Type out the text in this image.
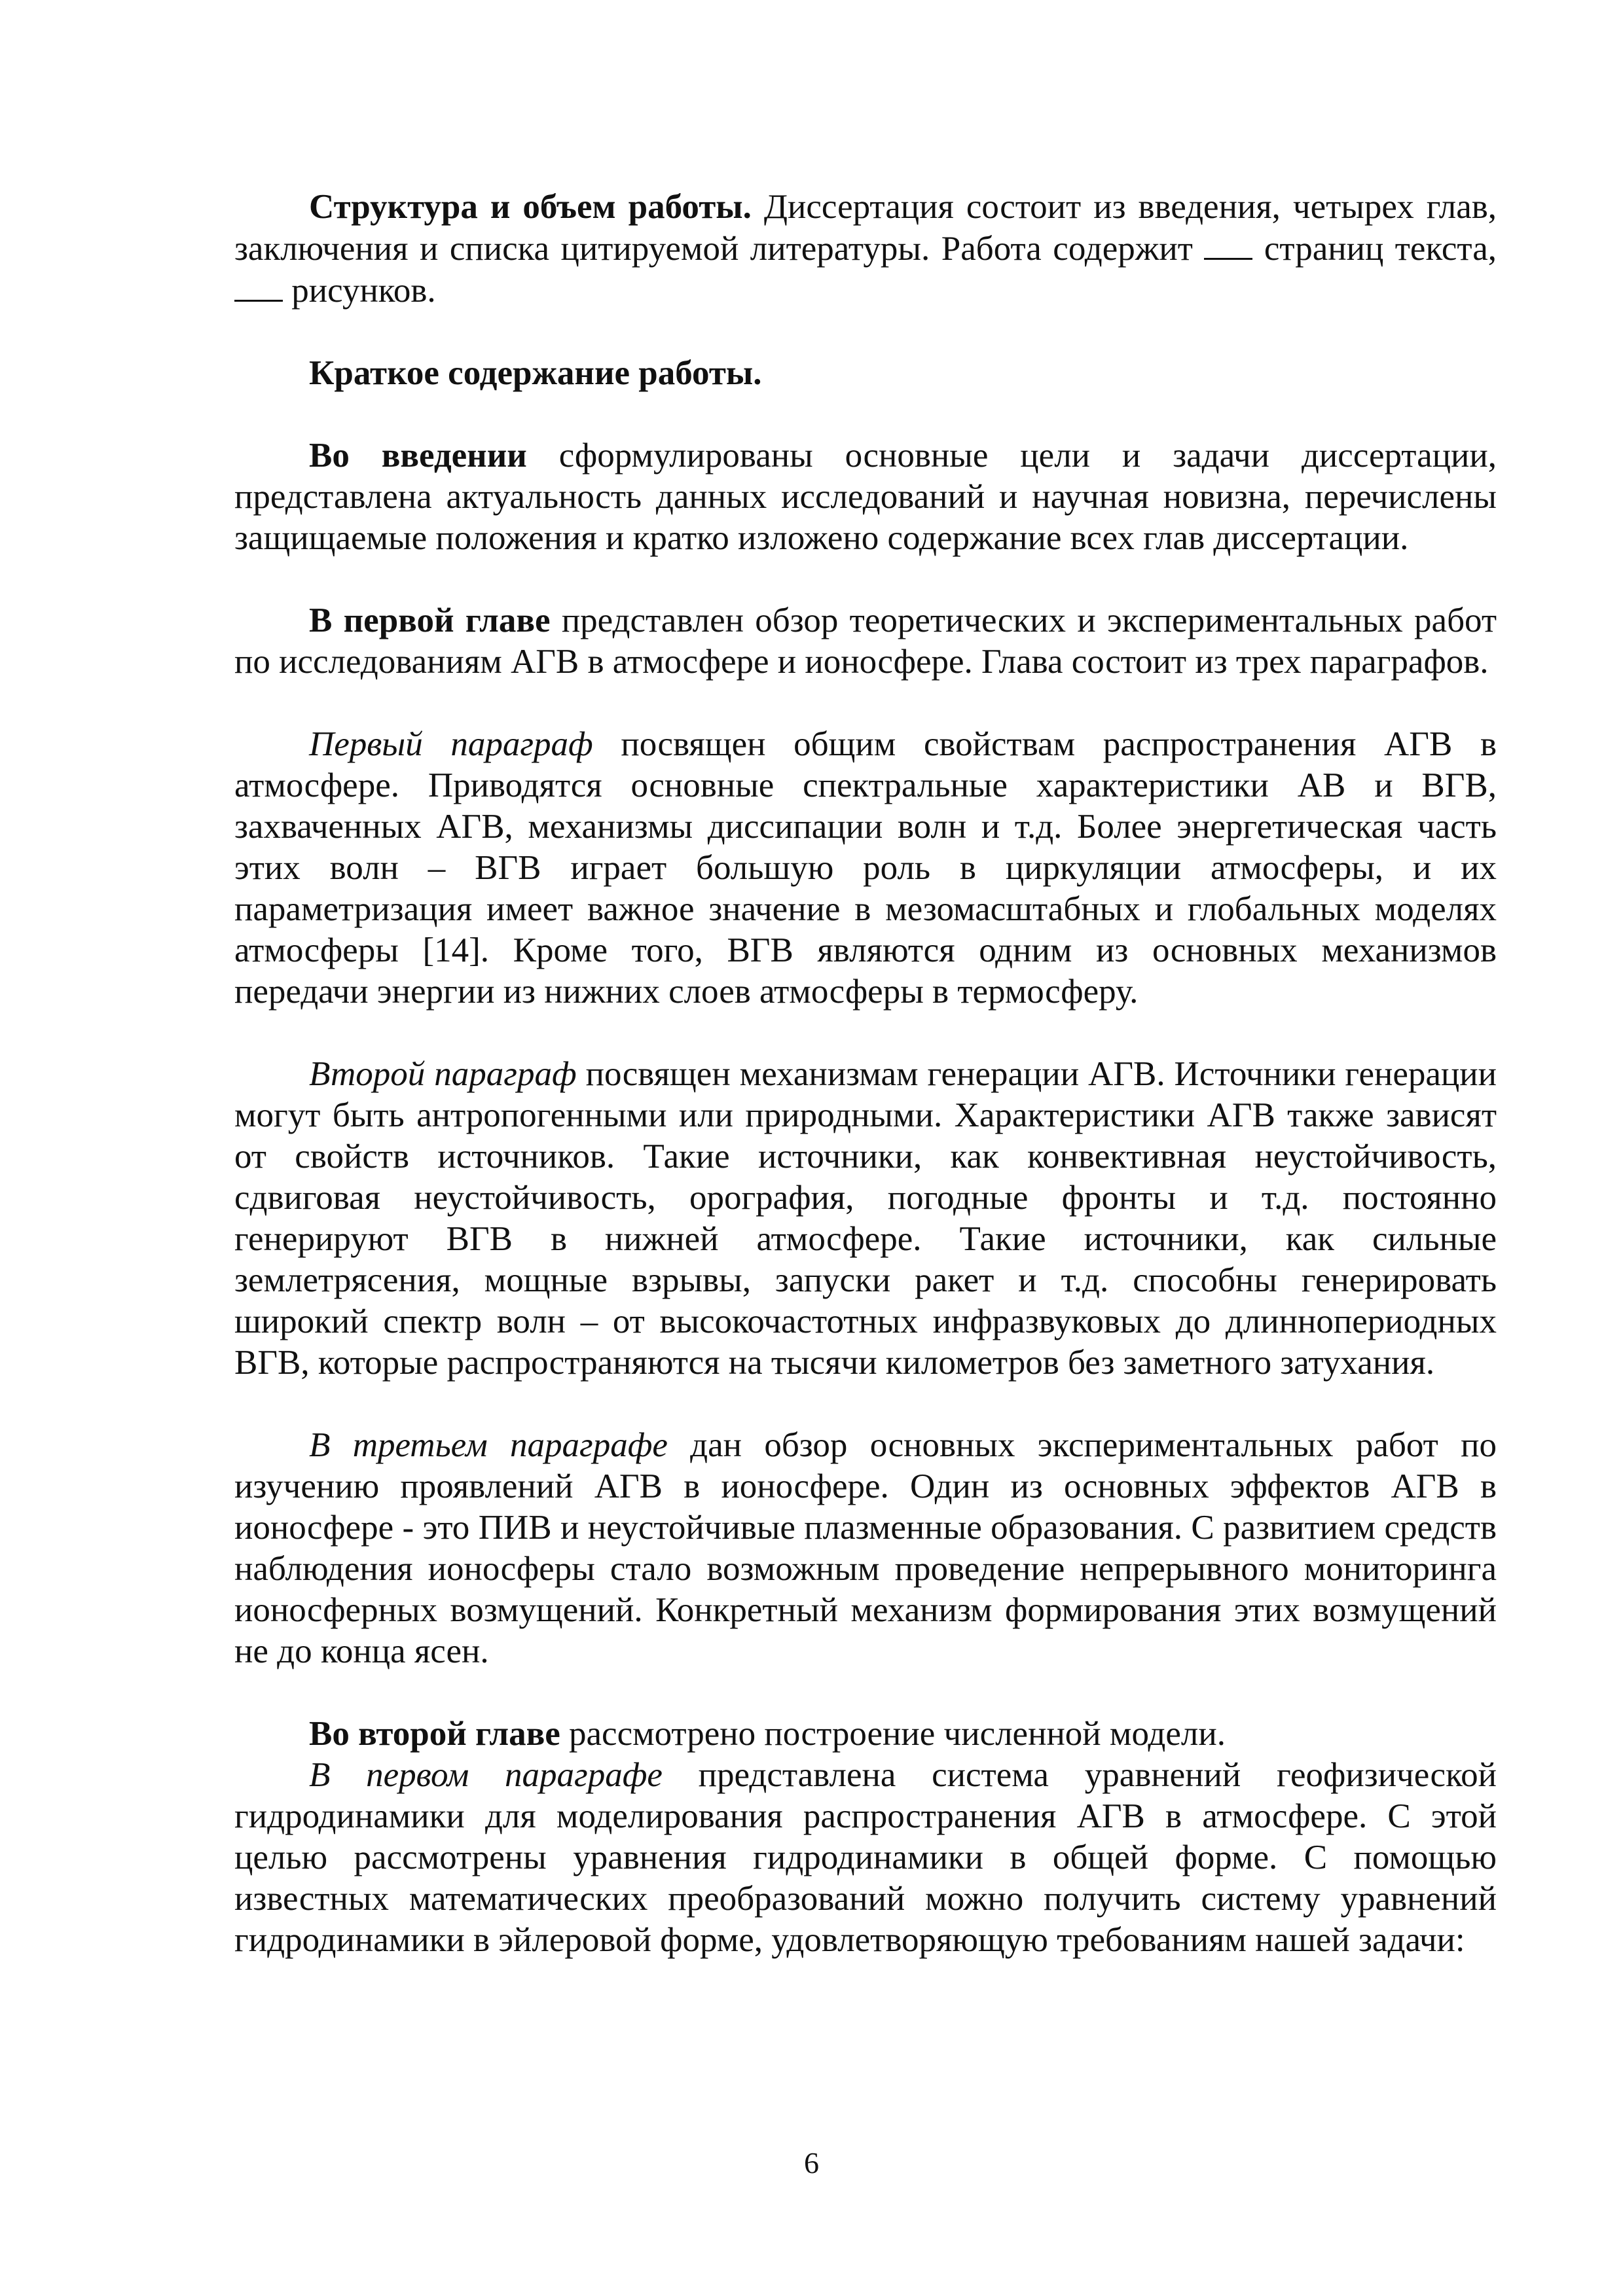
Структура и объем работы. Диссертация состоит из введения, четырех глав, заключения и списка цитируемой литературы. Работа содержит  страниц текста,  рисунков.

Краткое содержание работы.

Во введении сформулированы основные цели и задачи диссертации, представлена актуальность данных исследований и научная новизна, перечислены защищаемые положения и кратко изложено содержание всех глав диссертации.

В первой главе представлен обзор теоретических и экспериментальных работ по исследованиям АГВ в атмосфере и ионосфере. Глава состоит из трех параграфов.

Первый параграф посвящен общим свойствам распространения АГВ в атмосфере. Приводятся основные спектральные характеристики АВ и ВГВ, захваченных АГВ, механизмы диссипации волн и т.д. Более энергетическая часть этих волн – ВГВ играет большую роль в циркуляции атмосферы, и их параметризация имеет важное значение в мезомасштабных и глобальных моделях атмосферы [14]. Кроме того, ВГВ являются одним из основных механизмов передачи энергии из нижних слоев атмосферы в термосферу.

Второй параграф посвящен механизмам генерации АГВ. Источники генерации могут быть антропогенными или природными. Характеристики АГВ также зависят от свойств источников. Такие источники, как конвективная неустойчивость, сдвиговая неустойчивость, орография, погодные фронты и т.д. постоянно генерируют ВГВ в нижней атмосфере. Такие источники, как сильные землетрясения, мощные взрывы, запуски ракет и т.д. способны генерировать широкий спектр волн – от высокочастотных инфразвуковых до длиннопериодных ВГВ, которые распространяются на тысячи километров без заметного затухания.

В третьем параграфе дан обзор основных экспериментальных работ по изучению проявлений АГВ в ионосфере. Один из основных эффектов АГВ в ионосфере - это ПИВ и неустойчивые плазменные образования. С развитием средств наблюдения ионосферы стало возможным проведение непрерывного мониторинга ионосферных возмущений. Конкретный механизм формирования этих возмущений не до конца ясен.

Во второй главе рассмотрено построение численной модели.

В первом параграфе представлена система уравнений геофизической гидродинамики для моделирования распространения АГВ в атмосфере. С этой целью рассмотрены уравнения гидродинамики в общей форме. С помощью известных математических преобразований можно получить систему уравнений гидродинамики в эйлеровой форме, удовлетворяющую требованиям нашей задачи:

6
